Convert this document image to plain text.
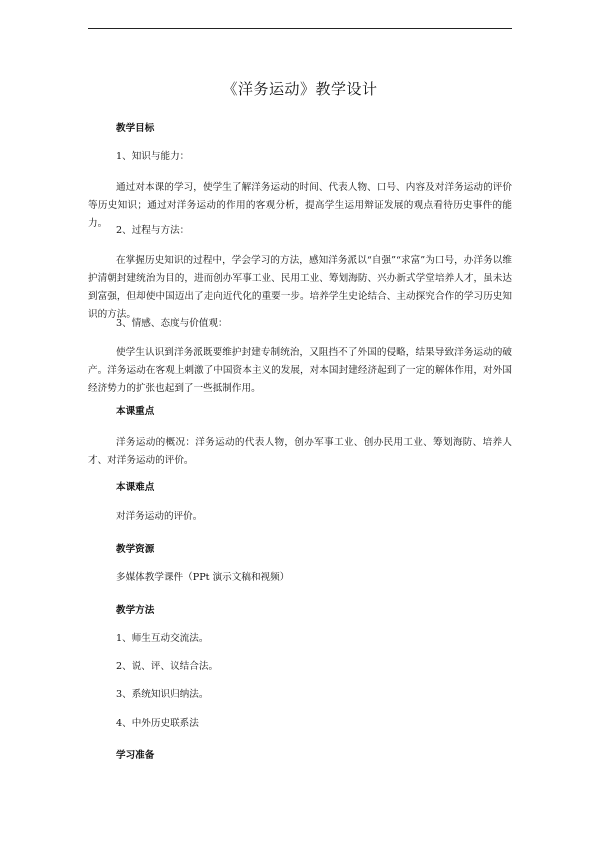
《洋务运动》教学设计
教学目标
1、知识与能力：
通过对本课的学习，使学生了解洋务运动的时间、代表人物、口号、内容及对洋务运动的评价等历史知识；通过对洋务运动的作用的客观分析，提高学生运用辩证发展的观点看待历史事件的能力。
2、过程与方法：
在掌握历史知识的过程中，学会学习的方法，感知洋务派以“自强”“求富”为口号，办洋务以维护清朝封建统治为目的，进而创办军事工业、民用工业、筹划海防、兴办新式学堂培养人才，虽未达到富强，但却使中国迈出了走向近代化的重要一步。培养学生史论结合、主动探究合作的学习历史知识的方法。
3、情感、态度与价值观：
使学生认识到洋务派既要维护封建专制统治，又阻挡不了外国的侵略，结果导致洋务运动的破产。洋务运动在客观上刺激了中国资本主义的发展，对本国封建经济起到了一定的解体作用，对外国经济势力的扩张也起到了一些抵制作用。
本课重点
洋务运动的概况：洋务运动的代表人物，创办军事工业、创办民用工业、筹划海防、培养人才、对洋务运动的评价。
本课难点
对洋务运动的评价。
教学资源
多媒体教学课件（PPt 演示文稿和视频）
教学方法
1、师生互动交流法。
2、说、评、议结合法。
3、系统知识归纳法。
4、中外历史联系法
学习准备
